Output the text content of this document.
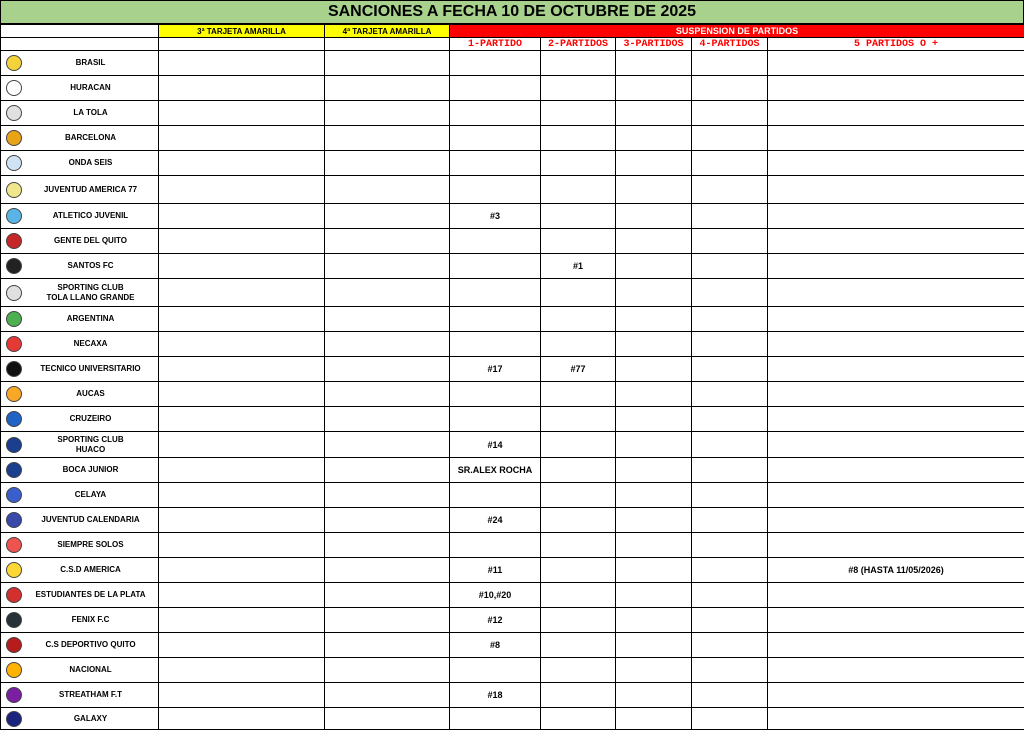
SANCIONES A FECHA 10 DE OCTUBRE DE 2025
	3ª TARJETA AMARILLA	4ª TARJETA AMARILLA	SUSPENSION DE PARTIDOS				
			1-PARTIDO	2-PARTIDOS	3-PARTIDOS	4-PARTIDOS	5 PARTIDOS O +

BRASIL							

HURACAN							

LA TOLA							

BARCELONA							

ONDA SEIS							

JUVENTUD AMERICA 77							

ATLETICO JUVENIL			#3				

GENTE DEL QUITO							

SANTOS FC				#1			

SPORTING CLUB
TOLA LLANO GRANDE							

ARGENTINA							

NECAXA							

TECNICO UNIVERSITARIO			#17	#77			

AUCAS							

CRUZEIRO							

SPORTING CLUB
HUACO			#14				

BOCA JUNIOR			SR.ALEX ROCHA				

CELAYA							

JUVENTUD CALENDARIA			#24				

SIEMPRE SOLOS							

C.S.D AMERICA			#11				#8 (HASTA 11/05/2026)

ESTUDIANTES DE LA PLATA			#10,#20				

FENIX F.C			#12				

C.S DEPORTIVO QUITO			#8				

NACIONAL							

STREATHAM F.T			#18				

GALAXY							
